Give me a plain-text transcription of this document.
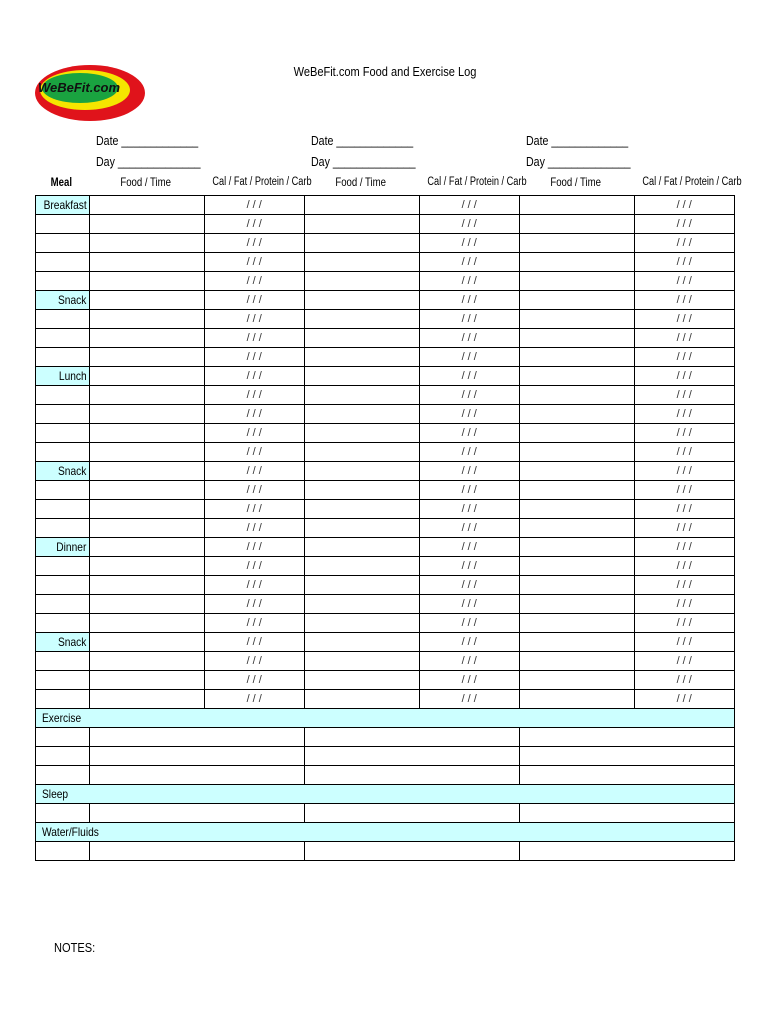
WeBeFit.com
WeBeFit.com Food and Exercise Log
Date _____________
Day ______________
Date _____________
Day ______________
Date _____________
Day ______________
Meal	Food / Time	Cal / Fat / Protein / Carb	Food / Time	Cal / Fat / Protein / Carb	Food / Time	Cal / Fat / Protein / Carb
Breakfast		/ / /		/ / /		/ / /
		/ / /		/ / /		/ / /
		/ / /		/ / /		/ / /
		/ / /		/ / /		/ / /
		/ / /		/ / /		/ / /
Snack		/ / /		/ / /		/ / /
		/ / /		/ / /		/ / /
		/ / /		/ / /		/ / /
		/ / /		/ / /		/ / /
Lunch		/ / /		/ / /		/ / /
		/ / /		/ / /		/ / /
		/ / /		/ / /		/ / /
		/ / /		/ / /		/ / /
		/ / /		/ / /		/ / /
Snack		/ / /		/ / /		/ / /
		/ / /		/ / /		/ / /
		/ / /		/ / /		/ / /
		/ / /		/ / /		/ / /
Dinner		/ / /		/ / /		/ / /
		/ / /		/ / /		/ / /
		/ / /		/ / /		/ / /
		/ / /		/ / /		/ / /
		/ / /		/ / /		/ / /
Snack		/ / /		/ / /		/ / /
		/ / /		/ / /		/ / /
		/ / /		/ / /		/ / /
		/ / /		/ / /		/ / /
Exercise						

Sleep						

Water/Fluids						

NOTES:
